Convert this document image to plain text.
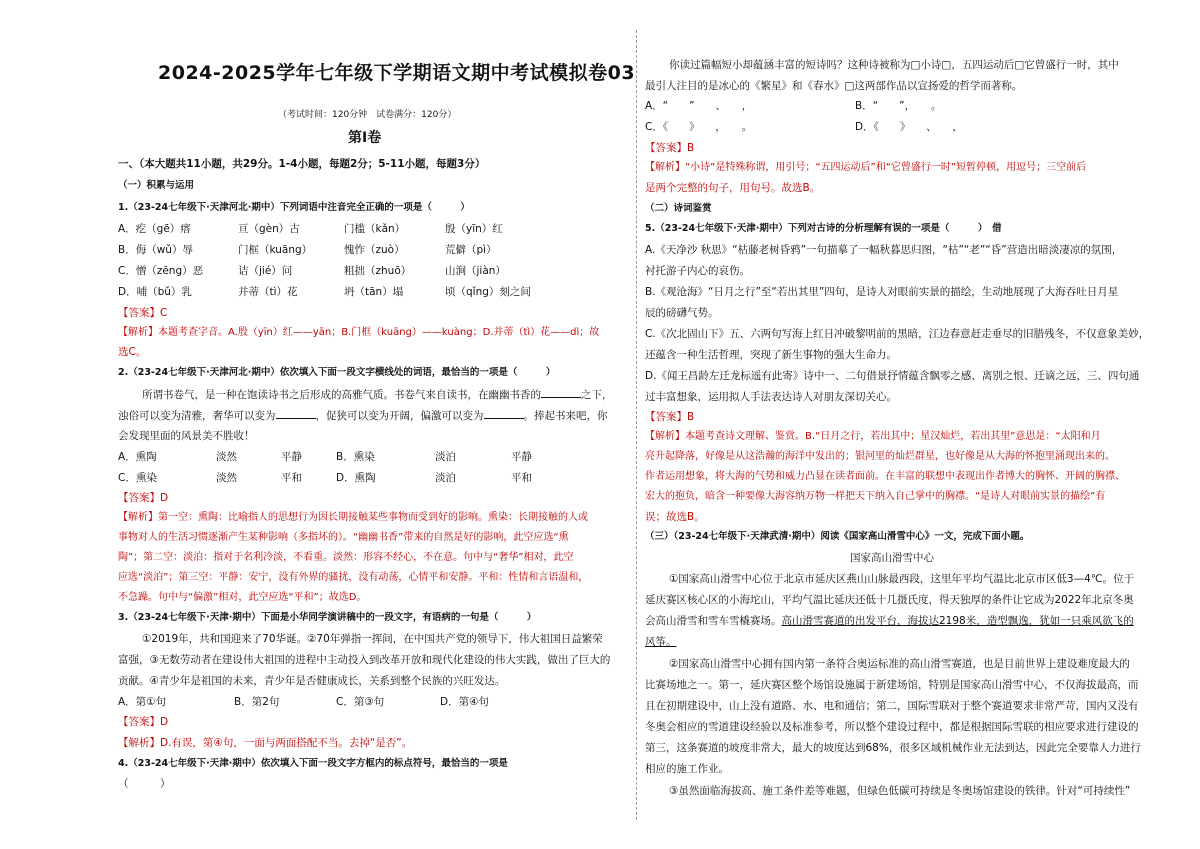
2024-2025学年七年级下学期语文期中考试模拟卷03
（考试时间：120分钟　试卷满分：120分）
第Ⅰ卷
一、（本大题共11小题，共29分。1-4小题，每题2分；5-11小题，每题3分）
（一）积累与运用
1.（23-24七年级下·天津河北·期中）下列词语中注音完全正确的一项是（　　　）
A．疙（gē）瘩	亘（gèn）古	门槛（kǎn）	殷（yīn）红
B．侮（wǔ）辱	门框（kuāng）	愧怍（zuò）	荒僻（pì）
C．憎（zēng）恶	诘（jié）问	粗拙（zhuō）	山涧（jiàn）
D．哺（bǔ）乳	并蒂（tì）花	坍（tān）塌	顷（qǐng）刻之间
【答案】C
【解析】本题考查字音。A.殷（yīn）红——yān；B.门框（kuāng）——kuàng；D.并蒂（tì）花——dì；故
选C。
2.（23-24七年级下·天津河北·期中）依次填入下面一段文字横线处的词语，最恰当的一项是（　　　）
所谓书卷气，是一种在饱读诗书之后形成的高雅气质。书卷气来自读书，在幽幽书香的	之下，
浊俗可以变为清雅，奢华可以变为	，促狭可以变为开阔，偏激可以变为	。捧起书来吧，你
会发现里面的风景美不胜收！
A．熏陶	淡然	平静	B．熏染	淡泊	平静
C．熏染	淡然	平和	D．熏陶	淡泊	平和
【答案】D
【解析】第一空：熏陶：比喻指人的思想行为因长期接触某些事物而受到好的影响。熏染：长期接触的人或
事物对人的生活习惯逐渐产生某种影响（多指坏的）。“幽幽书香”带来的自然是好的影响，此空应选“熏
陶”；第二空：淡泊：指对于名利冷淡，不看重。淡然：形容不经心，不在意。句中与“奢华”相对，此空
应选“淡泊”；第三空：平静：安宁，没有外界的骚扰，没有动荡，心情平和安静。平和：性情和言语温和，
不急躁。句中与“偏激”相对，此空应选“平和”；故选D。
3.（23-24七年级下·天津·期中）下面是小华同学演讲稿中的一段文字，有语病的一句是（　　　）
①2019年，共和国迎来了70华诞。②70年弹指一挥间，在中国共产党的领导下，伟大祖国日益繁荣
富强，③无数劳动者在建设伟大祖国的进程中主动投入到改革开放和现代化建设的伟大实践，做出了巨大的
贡献。④青少年是祖国的未来，青少年是否健康成长，关系到整个民族的兴旺发达。
A．第①句	B．第2句	C．第③句	D．第④句
【答案】D
【解析】D.有误，第④句，一面与两面搭配不当。去掉“是否”。
4.（23-24七年级下·天津·期中）依次填入下面一段文字方框内的标点符号，最恰当的一项是
（　　　）
你读过篇幅短小却蕴涵丰富的短诗吗？这种诗被称为□小诗□，五四运动后□它曾盛行一时，其中
最引人注目的是冰心的《繁星》和《春水》□这两部作品以宣扬爱的哲学而著称。
A．“　　”　　、　　，	B．“　　”，　　。
C．《　　》　　，　　。	D．《　　》　　、　　，
【答案】B
【解析】“小诗”是特殊称谓，用引号；“五四运动后”和“它曾盛行一时”短暂停顿，用逗号；三空前后
是两个完整的句子，用句号。故选B。
（二）诗词鉴赏
5.（23-24七年级下·天津·期中）下列对古诗的分析理解有误的一项是（　　　）　借
A.《天净沙 秋思》“枯藤老树昏鸦”一句描摹了一幅秋暮思归图，“枯”“老”“昏”营造出暗淡凄凉的氛围，
衬托游子内心的哀伤。
B.《观沧海》“日月之行”至“若出其里”四句，是诗人对眼前实景的描绘，生动地展现了大海吞吐日月星
辰的磅礴气势。
C.《次北固山下》五、六两句写海上红日冲破黎明前的黑暗，江边春意赶走垂尽的旧腊残冬，不仅意象美妙，
还蕴含一种生活哲理，突现了新生事物的强大生命力。
D.《闻王昌龄左迁龙标遥有此寄》诗中一、二句借景抒情蕴含飘零之感、离别之恨、迁谪之远，三、四句通
过丰富想象，运用拟人手法表达诗人对朋友深切关心。
【答案】B
【解析】本题考查诗文理解、鉴赏。B.“日月之行，若出其中；星汉灿烂，若出其里”意思是：“太阳和月
亮升起降落，好像是从这浩瀚的海洋中发出的；银河里的灿烂群星，也好像是从大海的怀抱里涌现出来的。
作者运用想象，将大海的气势和威力凸显在读者面前。在丰富的联想中表现出作者博大的胸怀、开阔的胸襟、
宏大的抱负，暗含一种要像大海容纳万物一样把天下纳入自己掌中的胸襟。“是诗人对眼前实景的描绘”有
误；故选B。
（三）（23-24七年级下·天津武清·期中）阅读《国家高山滑雪中心》一文，完成下面小题。
国家高山滑雪中心
①国家高山滑雪中心位于北京市延庆区燕山山脉最西段，这里年平均气温比北京市区低3—4℃。位于
延庆赛区核心区的小海坨山，平均气温比延庆还低十几摄氏度，得天独厚的条件让它成为2022年北京冬奥
会高山滑雪和雪车雪橇赛场。高山滑雪赛道的出发平台，海拔达2198米，造型飘逸，犹如一只乘风欲飞的
风筝。
②国家高山滑雪中心拥有国内第一条符合奥运标准的高山滑雪赛道，也是目前世界上建设难度最大的
比赛场地之一。第一，延庆赛区整个场馆设施属于新建场馆，特别是国家高山滑雪中心，不仅海拔最高，而
且在初期建设中，山上没有道路、水、电和通信；第二，国际雪联对于整个赛道要求非常严苛，国内又没有
冬奥会相应的雪道建设经验以及标准参考，所以整个建设过程中，都是根据国际雪联的相应要求进行建设的
第三，这条赛道的坡度非常大，最大的坡度达到68%，很多区域机械作业无法到达，因此完全要靠人力进行
相应的施工作业。
③虽然面临海拔高、施工条件差等难题，但绿色低碳可持续是冬奥场馆建设的铁律。针对“可持续性”
